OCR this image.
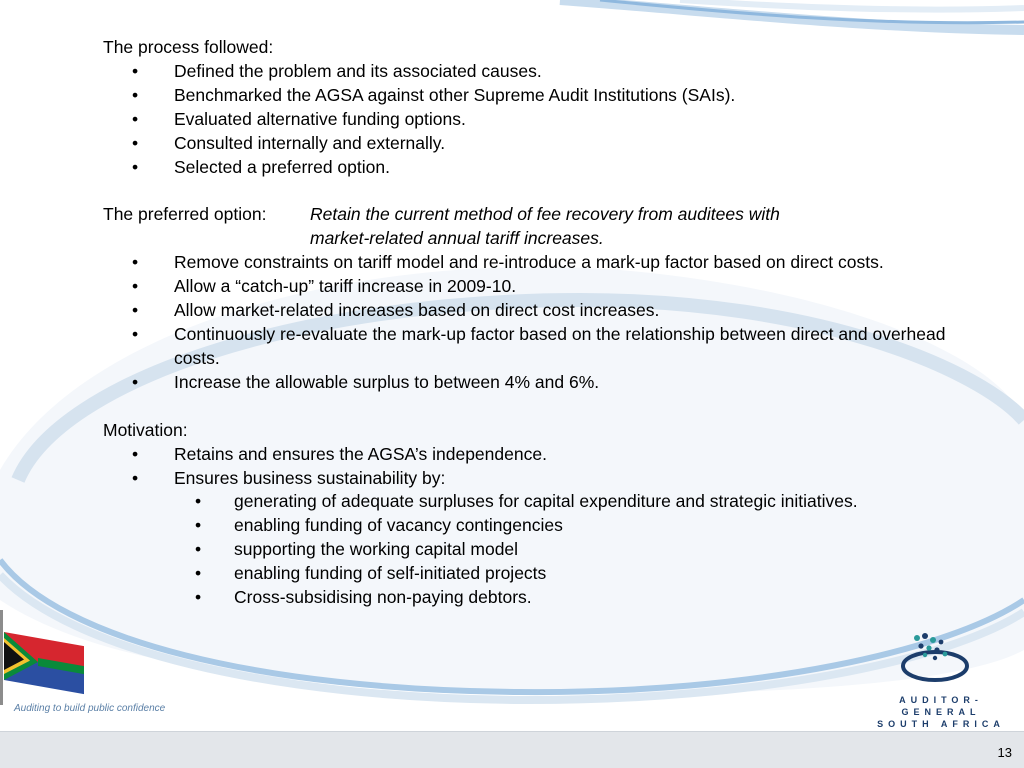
The process followed:
• Defined the problem and its associated causes.
• Benchmarked the AGSA against other Supreme Audit Institutions (SAIs).
• Evaluated alternative funding options.
• Consulted internally and externally.
• Selected a preferred option.
The preferred option: Retain the current method of fee recovery from auditees with
market-related annual tariff increases.
• Remove constraints on tariff model and re-introduce a mark-up factor based on direct costs.
• Allow a “catch-up” tariff increase in 2009-10.
• Allow market-related increases based on direct cost increases.
• Continuously re-evaluate the mark-up factor based on the relationship between direct and overhead costs.
• Increase the allowable surplus to between 4% and 6%.
Motivation:
• Retains and ensures the AGSA’s independence.
• Ensures business sustainability by:
• generating of adequate surpluses for capital expenditure and strategic initiatives.
• enabling funding of vacancy contingencies
• supporting the working capital model
• enabling funding of self-initiated projects
• Cross-subsidising non-paying debtors.
Auditing to build public confidence
AUDITOR-GENERAL
SOUTH AFRICA
13
